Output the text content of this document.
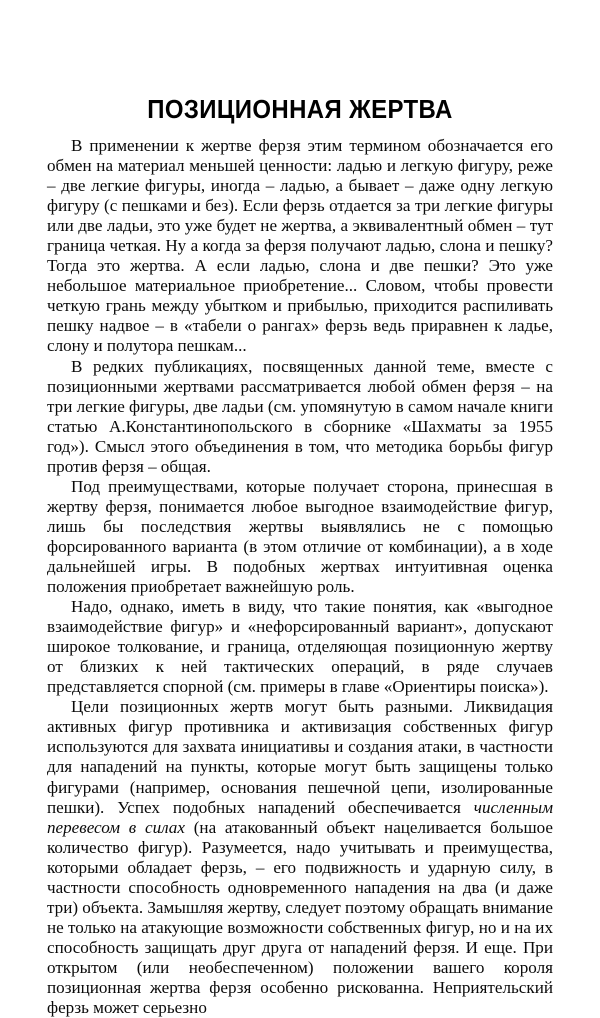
ПОЗИЦИОННАЯ ЖЕРТВА

В применении к жертве ферзя этим термином обозначается его обмен на материал меньшей ценности: ладью и легкую фигуру, реже – две легкие фигуры, иногда – ладью, а бывает – даже одну легкую фигуру (с пешками и без). Если ферзь отдается за три легкие фигуры или две ладьи, это уже будет не жертва, а эквивалентный обмен – тут граница четкая. Ну а когда за ферзя получают ладью, слона и пешку? Тогда это жертва. А если ладью, слона и две пешки? Это уже небольшое материальное приобретение... Словом, чтобы провести четкую грань между убытком и прибылью, приходится распиливать пешку надвое – в «табели о рангах» ферзь ведь приравнен к ладье, слону и полутора пешкам...

В редких публикациях, посвященных данной теме, вместе с позиционными жертвами рассматривается любой обмен ферзя – на три легкие фигуры, две ладьи (см. упомянутую в самом начале книги статью А.Константинопольского в сборнике «Шахматы за 1955 год»). Смысл этого объединения в том, что методика борьбы фигур против ферзя – общая.

Под преимуществами, которые получает сторона, принесшая в жертву ферзя, понимается любое выгодное взаимодействие фигур, лишь бы последствия жертвы выявлялись не с помощью форсированного варианта (в этом отличие от комбинации), а в ходе дальнейшей игры. В подобных жертвах интуитивная оценка положения приобретает важнейшую роль.

Надо, однако, иметь в виду, что такие понятия, как «выгодное взаимодействие фигур» и «нефорсированный вариант», допускают широкое толкование, и граница, отделяющая позиционную жертву от близких к ней тактических операций, в ряде случаев представляется спорной (см. примеры в главе «Ориентиры поиска»).

Цели позиционных жертв могут быть разными. Ликвидация активных фигур противника и активизация собственных фигур используются для захвата инициативы и создания атаки, в частности для нападений на пункты, которые могут быть защищены только фигурами (например, основания пешечной цепи, изолированные пешки). Успех подобных нападений обеспечивается численным перевесом в силах (на атакованный объект нацеливается большое количество фигур). Разумеется, надо учитывать и преимущества, которыми обладает ферзь, – его подвижность и ударную силу, в частности способность одновременного нападения на два (и даже три) объекта. Замышляя жертву, следует поэтому обращать внимание не только на атакующие возможности собственных фигур, но и на их способность защищать друг друга от нападений ферзя. И еще. При открытом (или необеспеченном) положении вашего короля позиционная жертва ферзя особенно рискованна. Неприятельский ферзь может серьезно
